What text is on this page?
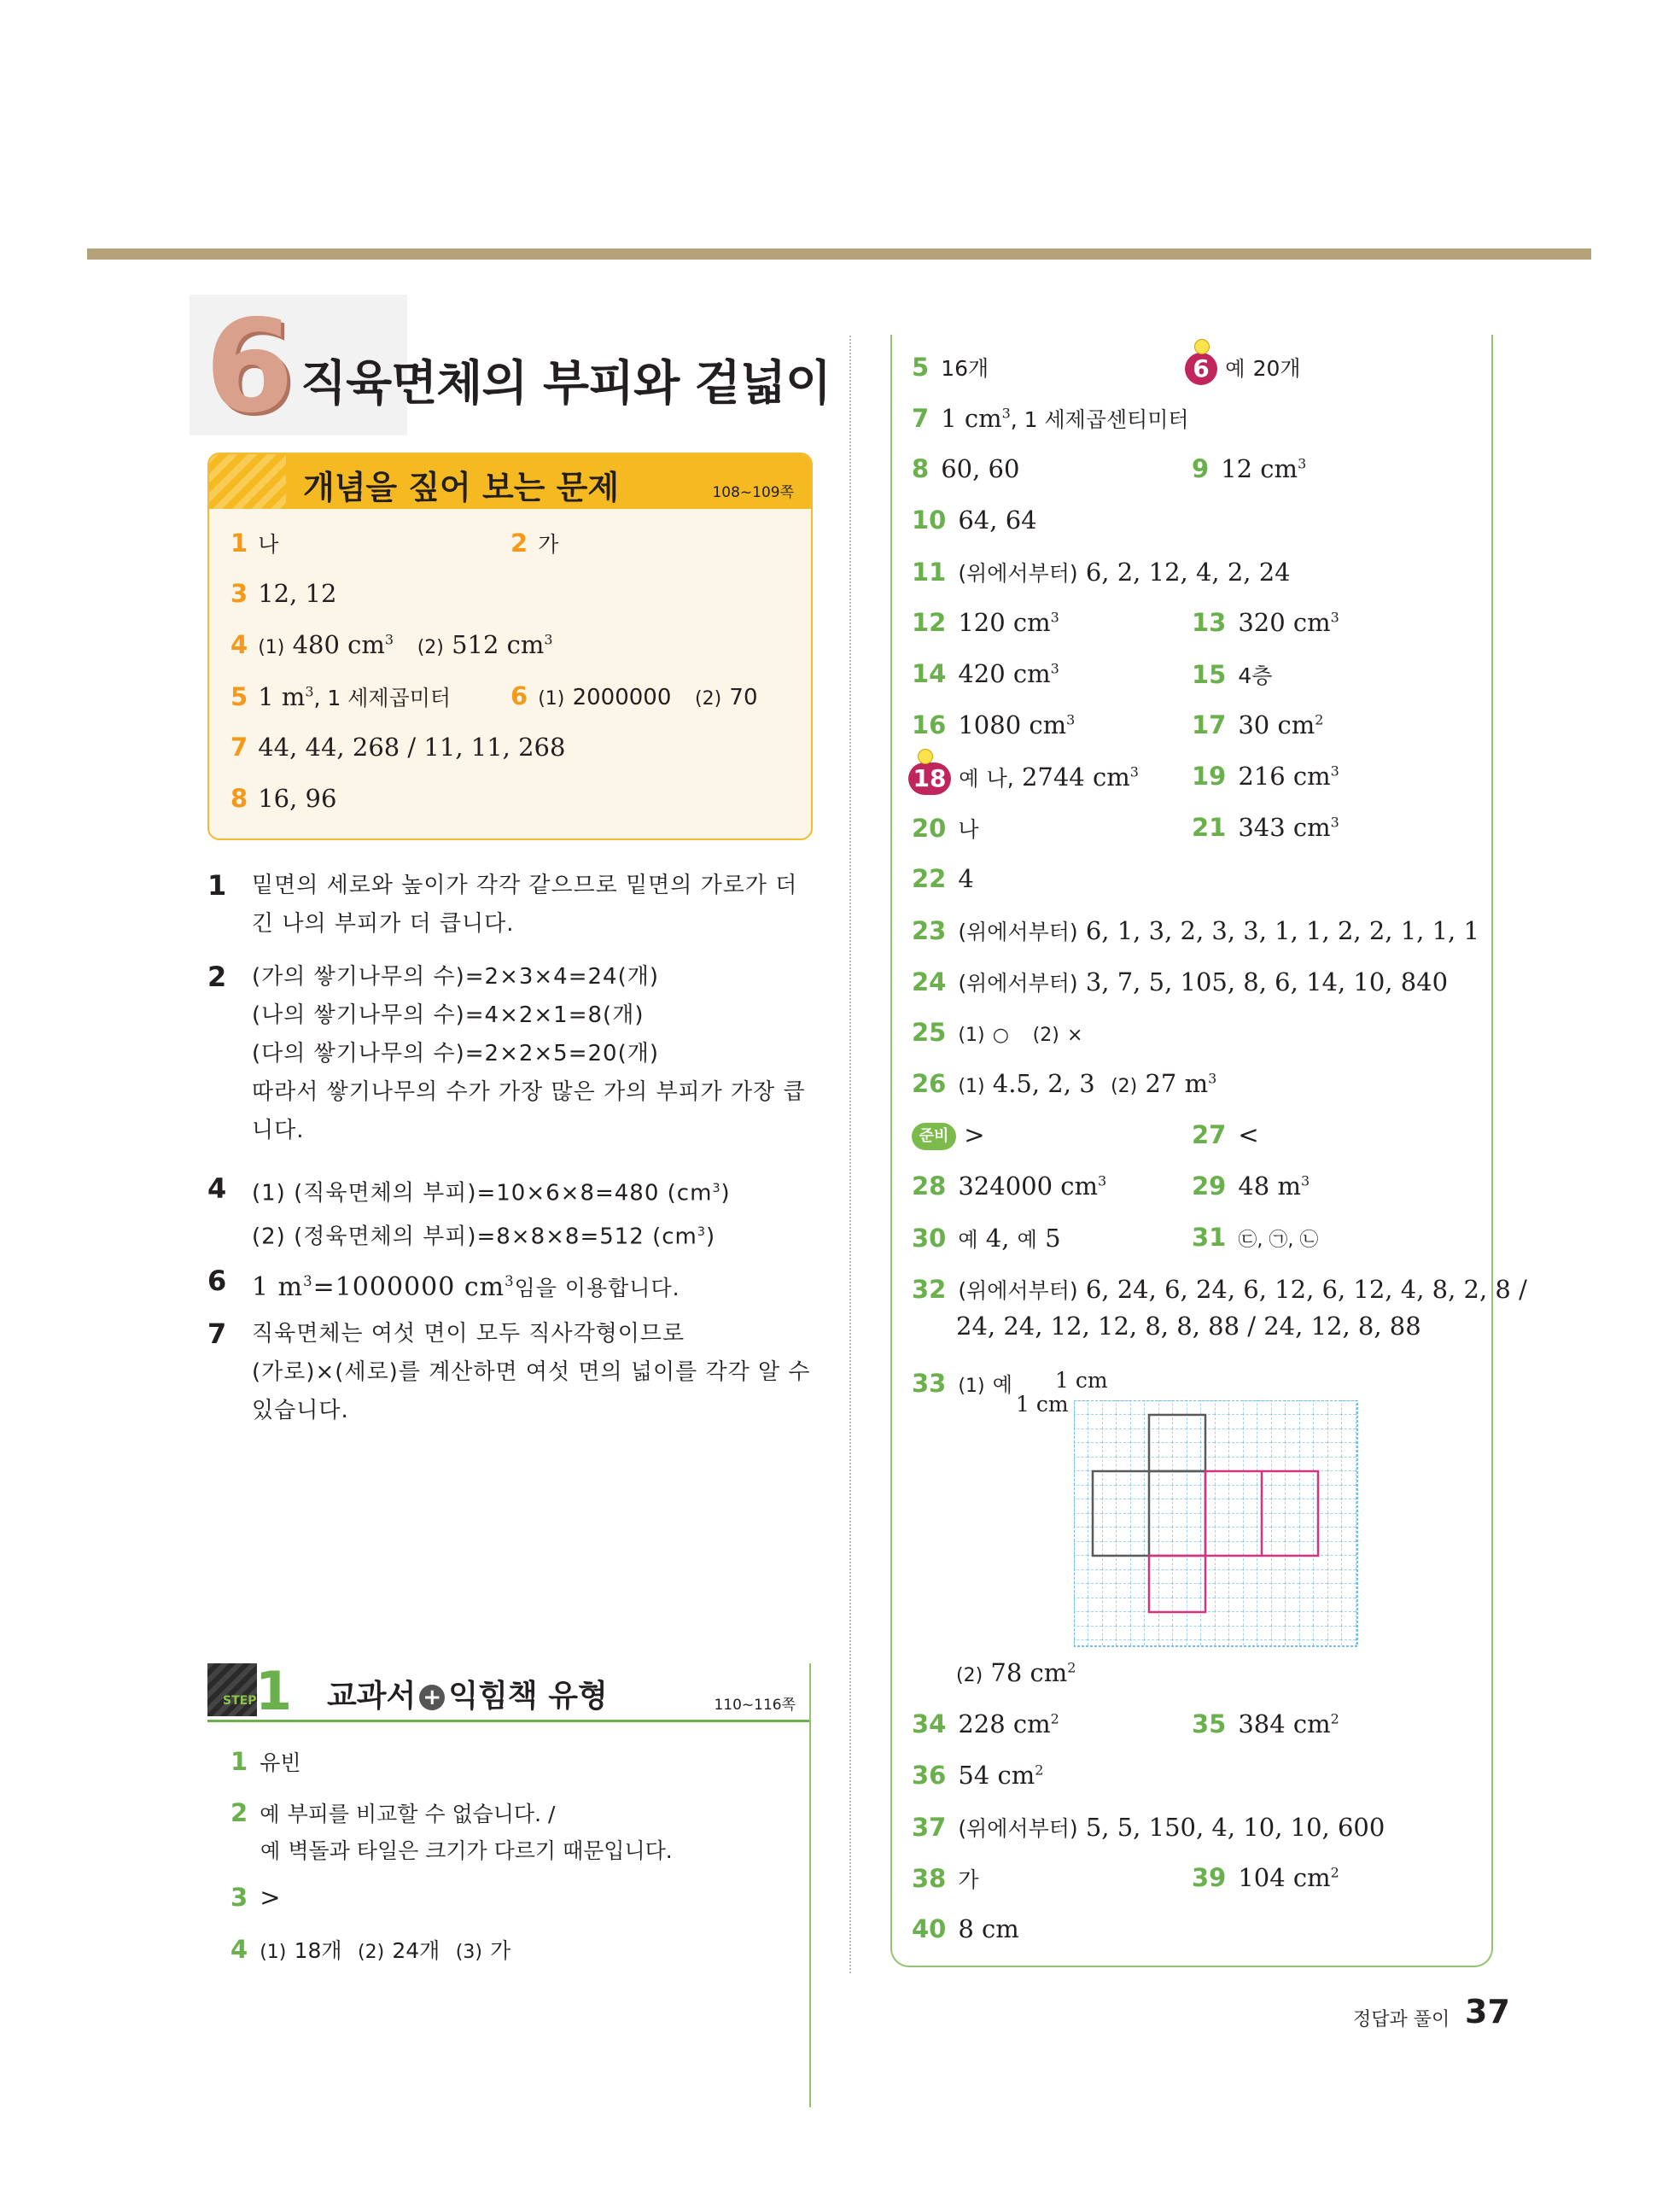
6 직육면체의 부피와 겉넓이
개념을 짚어 보는 문제	108~109쪽
1 나	2 가
3 12, 12
4 (1) 480 $cm^3$ (2) 512 $cm^3$
5 1 $m^3$, 1 세제곱미터 6 (1) 2000000 (2) 70
7 44, 44, 268 / 11, 11, 268
8 16, 96
1 밑면의 세로와 높이가 각각 같으므로 밑면의 가로가 더
긴 나의 부피가 더 큽니다.
2 (가의 쌓기나무의 수)=2×3×4=24(개)
(나의 쌓기나무의 수)=4×2×1=8(개)
(다의 쌓기나무의 수)=2×2×5=20(개)
따라서 쌓기나무의 수가 가장 많은 가의 부피가 가장 큽
니다.
4 (1) (직육면체의 부피)=10×6×8=480 $(cm^3)$
(2) (정육면체의 부피)=8×8×8=512 $(cm^3)$
6 1 $m^3=1000000$ $cm^3$임을 이용합니다.
7 직육면체는 여섯 면이 모두 직사각형이므로
(가로)×(세로)를 계산하면 여섯 면의 넓이를 각각 알 수
있습니다.
STEP
1 교과서 + 익힘책 유형	110~116쪽
1 유빈
2 예 부피를 비교할 수 없습니다. /
예 벽돌과 타일은 크기가 다르기 때문입니다.
3 >
4 (1) 18개 (2) 24개 (3) 가
5 16개	6 예 20개
7 1 $cm^3$, 1 세제곱센티미터
8 60, 60	9 12 $cm^3$
10 64, 64
11 (위에서부터) 6, 2, 12, 4, 2, 24
12 120 $cm^3$	13 320 $cm^3$
14 420 $cm^3$	15 4층
16 1080 $cm^3$	17 30 $cm^2$
18 예 나, 2744 $cm^3$ 19 216 $cm^3$
20 나	21 343 $cm^3$
22 4
23 (위에서부터) 6, 1, 3, 2, 3, 3, 1, 1, 2, 2, 1, 1, 1
24 (위에서부터) 3, 7, 5, 105, 8, 6, 14, 10, 840
25 (1) ○ (2) ×
26 (1) 4.5, 2, 3 (2) 27 $m^3$
준비 >	27 <
28 324000 $cm^3$	29 48 $m^3$
30 예 4, 예 5	31 ㉢, ㉠, ㉡
32 (위에서부터) 6, 24, 6, 24, 6, 12, 6, 12, 4, 8, 2, 8 /
24, 24, 12, 12, 8, 8, 88 / 24, 12, 8, 88
33 (1) 예 1 cm
1 cm
(2) 78 $cm^2$
34 228 $cm^2$	35 384 $cm^2$
36 54 $cm^2$
37 (위에서부터) 5, 5, 150, 4, 10, 10, 600
38 가	39 104 $cm^2$
40 8 cm
정답과 풀이 37
